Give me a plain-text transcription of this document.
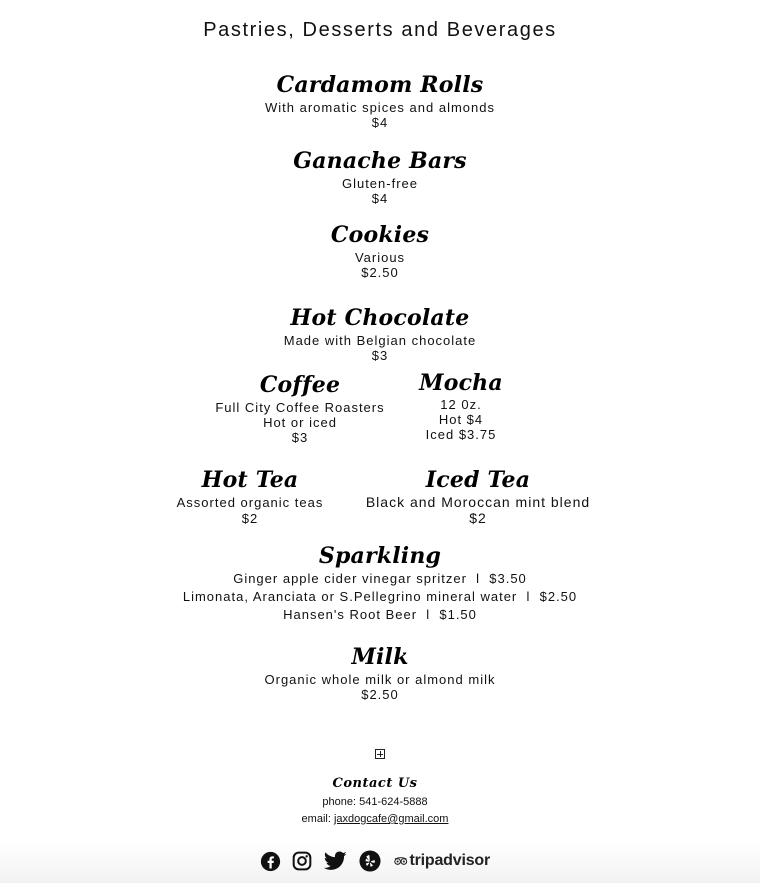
Pastries, Desserts and Beverages
Cardamom Rolls
With aromatic spices and almonds
$4
Ganache Bars
Gluten-free
$4
Cookies
Various
$2.50
Hot Chocolate
Made with Belgian chocolate
$3
Coffee
Full City Coffee Roasters
Hot or iced
$3
Mocha
12 0z.
Hot $4
Iced $3.75
Hot Tea
Assorted organic teas
$2
Iced Tea
Black and Moroccan mint blend
$2
Sparkling
Ginger apple cider vinegar spritzer  l  $3.50
Limonata, Aranciata or S.Pellegrino mineral water  l  $2.50
Hansen's Root Beer  l  $1.50
Milk
Organic whole milk or almond milk
$2.50
Contact Us
phone: 541-624-5888
email: jaxdogcafe@gmail.com
tripadvisor
